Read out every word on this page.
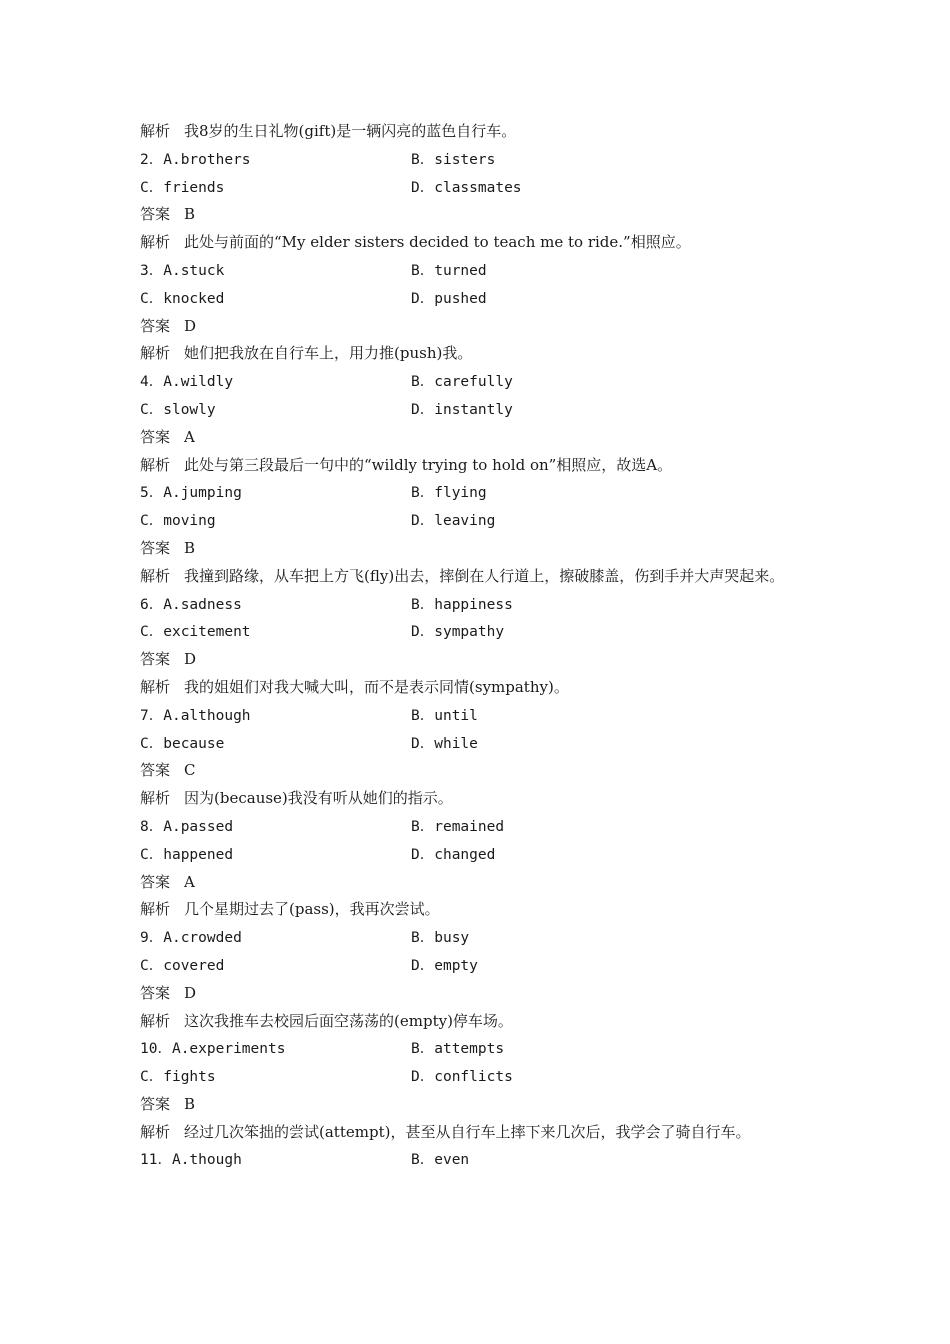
解析 我8岁的生日礼物(gift)是一辆闪亮的蓝色自行车。
2．A.brothers	B．sisters
C．friends	D．classmates
答案 B
解析 此处与前面的“My elder sisters decided to teach me to ride.”相照应。
3．A.stuck	B．turned
C．knocked	D．pushed
答案 D
解析 她们把我放在自行车上，用力推(push)我。
4．A.wildly	B．carefully
C．slowly	D．instantly
答案 A
解析 此处与第三段最后一句中的“wildly trying to hold on”相照应，故选A。
5．A.jumping	B．flying
C．moving	D．leaving
答案 B
解析 我撞到路缘，从车把上方飞(fly)出去，摔倒在人行道上，擦破膝盖，伤到手并大声哭起来。
6．A.sadness	B．happiness
C．excitement	D．sympathy
答案 D
解析 我的姐姐们对我大喊大叫，而不是表示同情(sympathy)。
7．A.although	B．until
C．because	D．while
答案 C
解析 因为(because)我没有听从她们的指示。
8．A.passed	B．remained
C．happened	D．changed
答案 A
解析 几个星期过去了(pass)，我再次尝试。
9．A.crowded	B．busy
C．covered	D．empty
答案 D
解析 这次我推车去校园后面空荡荡的(empty)停车场。
10．A.experiments	B．attempts
C．fights	D．conflicts
答案 B
解析 经过几次笨拙的尝试(attempt)，甚至从自行车上摔下来几次后，我学会了骑自行车。
11．A.though	B．even
